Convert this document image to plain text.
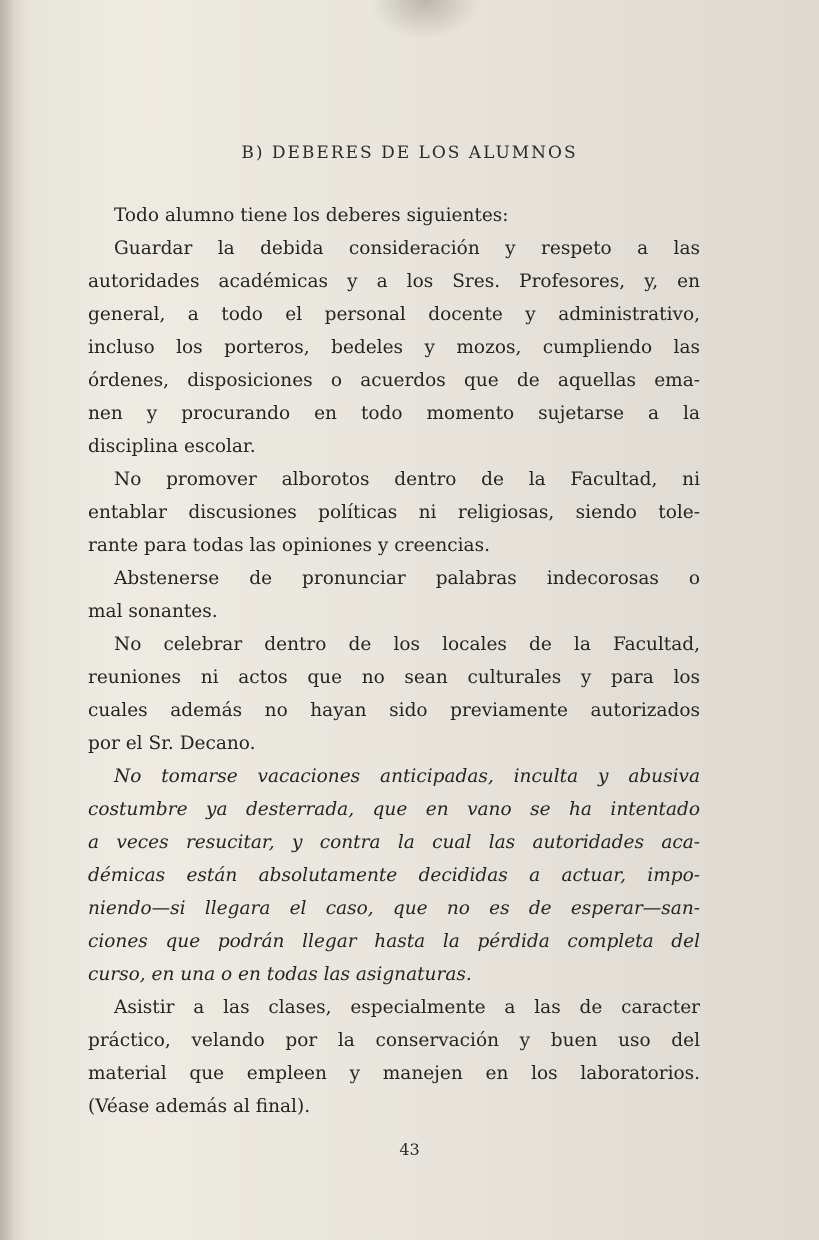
B) DEBERES DE LOS ALUMNOS
Todo alumno tiene los deberes siguientes:
Guardar la debida consideración y respeto a las
autoridades académicas y a los Sres. Profesores, y, en
general, a todo el personal docente y administrativo,
incluso los porteros, bedeles y mozos, cumpliendo las
órdenes, disposiciones o acuerdos que de aquellas ema-
nen y procurando en todo momento sujetarse a la
disciplina escolar.
No promover alborotos dentro de la Facultad, ni
entablar discusiones políticas ni religiosas, siendo tole-
rante para todas las opiniones y creencias.
Abstenerse de pronunciar palabras indecorosas o
mal sonantes.
No celebrar dentro de los locales de la Facultad,
reuniones ni actos que no sean culturales y para los
cuales además no hayan sido previamente autorizados
por el Sr. Decano.
No tomarse vacaciones anticipadas, inculta y abusiva
costumbre ya desterrada, que en vano se ha intentado
a veces resucitar, y contra la cual las autoridades aca-
démicas están absolutamente decididas a actuar, impo-
niendo—si llegara el caso, que no es de esperar—san-
ciones que podrán llegar hasta la pérdida completa del
curso, en una o en todas las asignaturas.
Asistir a las clases, especialmente a las de caracter
práctico, velando por la conservación y buen uso del
material que empleen y manejen en los laboratorios.
(Véase además al final).
43
